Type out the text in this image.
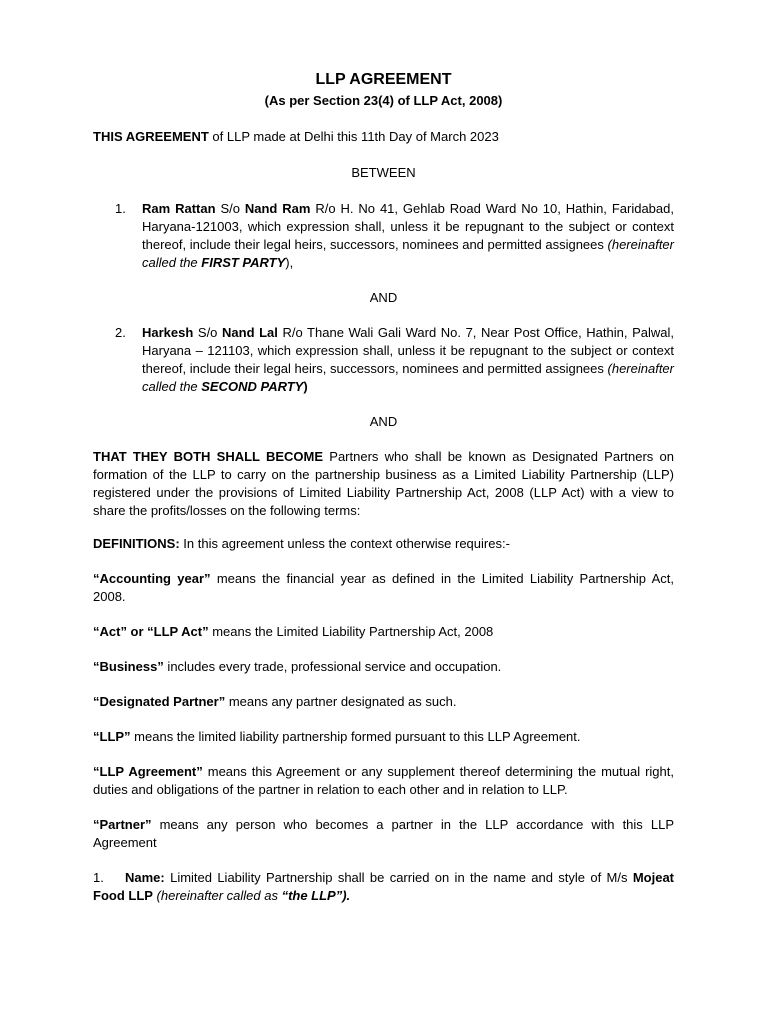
LLP AGREEMENT

(As per Section 23(4) of LLP Act, 2008)

THIS AGREEMENT of LLP made at Delhi this 11th Day of March 2023

BETWEEN

1.	Ram Rattan S/o Nand Ram R/o H. No 41, Gehlab Road Ward No 10, Hathin, Faridabad, Haryana-121003, which expression shall, unless it be repugnant to the subject or context thereof, include their legal heirs, successors, nominees and permitted assignees (hereinafter called the FIRST PARTY),

AND

2.	Harkesh S/o Nand Lal R/o Thane Wali Gali Ward No. 7, Near Post Office, Hathin, Palwal, Haryana – 121103, which expression shall, unless it be repugnant to the subject or context thereof, include their legal heirs, successors, nominees and permitted assignees (hereinafter called the SECOND PARTY)

AND

THAT THEY BOTH SHALL BECOME Partners who shall be known as Designated Partners on formation of the LLP to carry on the partnership business as a Limited Liability Partnership (LLP) registered under the provisions of Limited Liability Partnership Act, 2008 (LLP Act) with a view to share the profits/losses on the following terms:

DEFINITIONS: In this agreement unless the context otherwise requires:-

“Accounting year” means the financial year as defined in the Limited Liability Partnership Act, 2008.

“Act” or “LLP Act” means the Limited Liability Partnership Act, 2008

“Business” includes every trade, professional service and occupation.

“Designated Partner” means any partner designated as such.

“LLP” means the limited liability partnership formed pursuant to this LLP Agreement.

“LLP Agreement” means this Agreement or any supplement thereof determining the mutual right, duties and obligations of the partner in relation to each other and in relation to LLP.

“Partner” means any person who becomes a partner in the LLP accordance with this LLP Agreement

1. Name: Limited Liability Partnership shall be carried on in the name and style of M/s Mojeat Food LLP (hereinafter called as “the LLP”).
